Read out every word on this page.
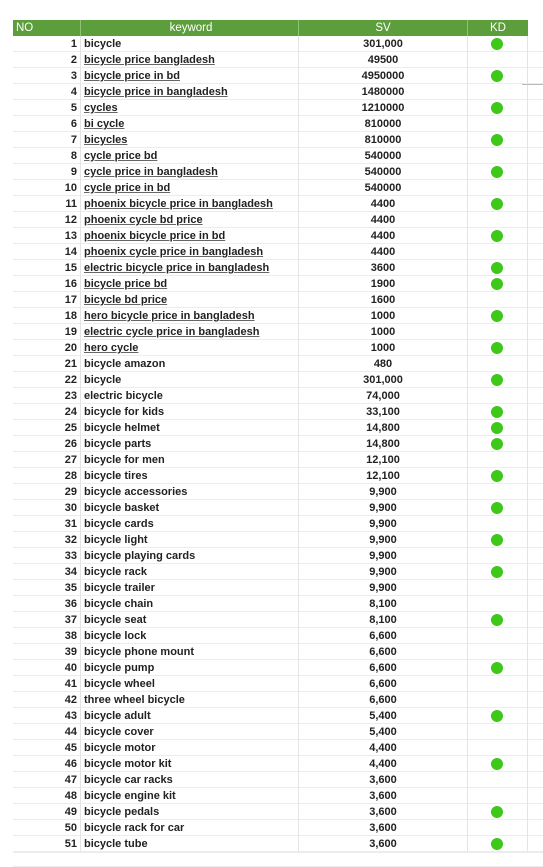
NO	keyword	SV	KD
1 bicycle	301,000
2 bicycle price bangladesh	49500
3 bicycle price in bd	4950000
4 bicycle price in bangladesh	1480000
5 cycles	1210000
6 bi cycle	810000
7 bicycles	810000
8 cycle price bd	540000
9 cycle price in bangladesh	540000
10 cycle price in bd	540000
11 phoenix bicycle price in bangladesh	4400
12 phoenix cycle bd price	4400
13 phoenix bicycle price in bd	4400
14 phoenix cycle price in bangladesh	4400
15 electric bicycle price in bangladesh	3600
16 bicycle price bd	1900
17 bicycle bd price	1600
18 hero bicycle price in bangladesh	1000
19 electric cycle price in bangladesh	1000
20 hero cycle	1000
21 bicycle amazon	480
22 bicycle	301,000
23 electric bicycle	74,000
24 bicycle for kids	33,100
25 bicycle helmet	14,800
26 bicycle parts	14,800
27 bicycle for men	12,100
28 bicycle tires	12,100
29 bicycle accessories	9,900
30 bicycle basket	9,900
31 bicycle cards	9,900
32 bicycle light	9,900
33 bicycle playing cards	9,900
34 bicycle rack	9,900
35 bicycle trailer	9,900
36 bicycle chain	8,100
37 bicycle seat	8,100
38 bicycle lock	6,600
39 bicycle phone mount	6,600
40 bicycle pump	6,600
41 bicycle wheel	6,600
42 three wheel bicycle	6,600
43 bicycle adult	5,400
44 bicycle cover	5,400
45 bicycle motor	4,400
46 bicycle motor kit	4,400
47 bicycle car racks	3,600
48 bicycle engine kit	3,600
49 bicycle pedals	3,600
50 bicycle rack for car	3,600
51 bicycle tube	3,600
